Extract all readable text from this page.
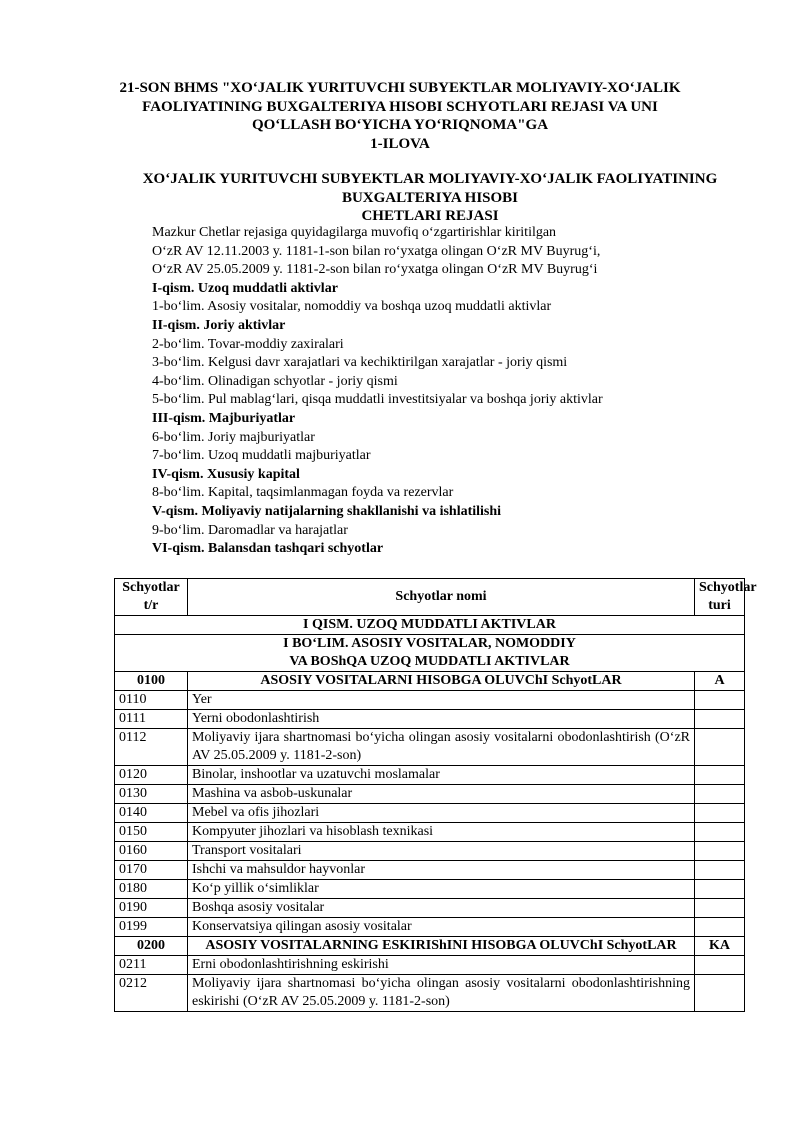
21-SON BHMS "XO‘JALIK YURITUVCHI SUBYEKTLAR MOLIYAVIY-XO‘JALIK
FAOLIYATINING BUXGALTERIYA HISOBI SCHYOTLARI REJASI VA UNI
QO‘LLASH BO‘YICHA YO‘RIQNOMA"GA
1-ILOVA
XO‘JALIK YURITUVCHI SUBYEKTLAR MOLIYAVIY-XO‘JALIK FAOLIYATINING
BUXGALTERIYA HISOBI
CHETLARI REJASI
Mazkur Chetlar rejasiga quyidagilarga muvofiq o‘zgartirishlar kiritilgan
O‘zR AV 12.11.2003 y. 1181-1-son bilan ro‘yxatga olingan O‘zR MV Buyrug‘i,
O‘zR AV 25.05.2009 y. 1181-2-son bilan ro‘yxatga olingan O‘zR MV Buyrug‘i
I-qism. Uzoq muddatli aktivlar
1-bo‘lim. Asosiy vositalar, nomoddiy va boshqa uzoq muddatli aktivlar
II-qism. Joriy aktivlar
2-bo‘lim. Tovar-moddiy zaxiralari
3-bo‘lim. Kelgusi davr xarajatlari va kechiktirilgan xarajatlar - joriy qismi
4-bo‘lim. Olinadigan schyotlar - joriy qismi
5-bo‘lim. Pul mablag‘lari, qisqa muddatli investitsiyalar va boshqa joriy aktivlar
III-qism. Majburiyatlar
6-bo‘lim. Joriy majburiyatlar
7-bo‘lim. Uzoq muddatli majburiyatlar
IV-qism. Xususiy kapital
8-bo‘lim. Kapital, taqsimlanmagan foyda va rezervlar
V-qism. Moliyaviy natijalarning shakllanishi va ishlatilishi
9-bo‘lim. Daromadlar va harajatlar
VI-qism. Balansdan tashqari schyotlar
Schyotlar t/r	Schyotlar nomi	Schyotlar turi
I QISM. UZOQ MUDDATLI AKTIVLAR		

I BO‘LIM. ASOSIY VOSITALAR, NOMODDIY
VA BOShQA UZOQ MUDDATLI AKTIVLAR		

0100	ASOSIY VOSITALARNI HISOBGA OLUVChI SchyotLAR	A
0110	Yer	
0111	Yerni obodonlashtirish	
0112	Moliyaviy ijara shartnomasi bo‘yicha olingan asosiy vositalarni obodonlashtirish (O‘zR AV 25.05.2009 y. 1181-2-son)	
0120	Binolar, inshootlar va uzatuvchi moslamalar	
0130	Mashina va asbob-uskunalar	
0140	Mebel va ofis jihozlari	
0150	Kompyuter jihozlari va hisoblash texnikasi	
0160	Transport vositalari	
0170	Ishchi va mahsuldor hayvonlar	
0180	Ko‘p yillik o‘simliklar	
0190	Boshqa asosiy vositalar	
0199	Konservatsiya qilingan asosiy vositalar	
0200	ASOSIY VOSITALARNING ESKIRIShINI HISOBGA OLUVChI SchyotLAR	KA
0211	Erni obodonlashtirishning eskirishi	
0212	Moliyaviy ijara shartnomasi bo‘yicha olingan asosiy vositalarni obodonlashtirishning eskirishi (O‘zR AV 25.05.2009 y. 1181-2-son)	
